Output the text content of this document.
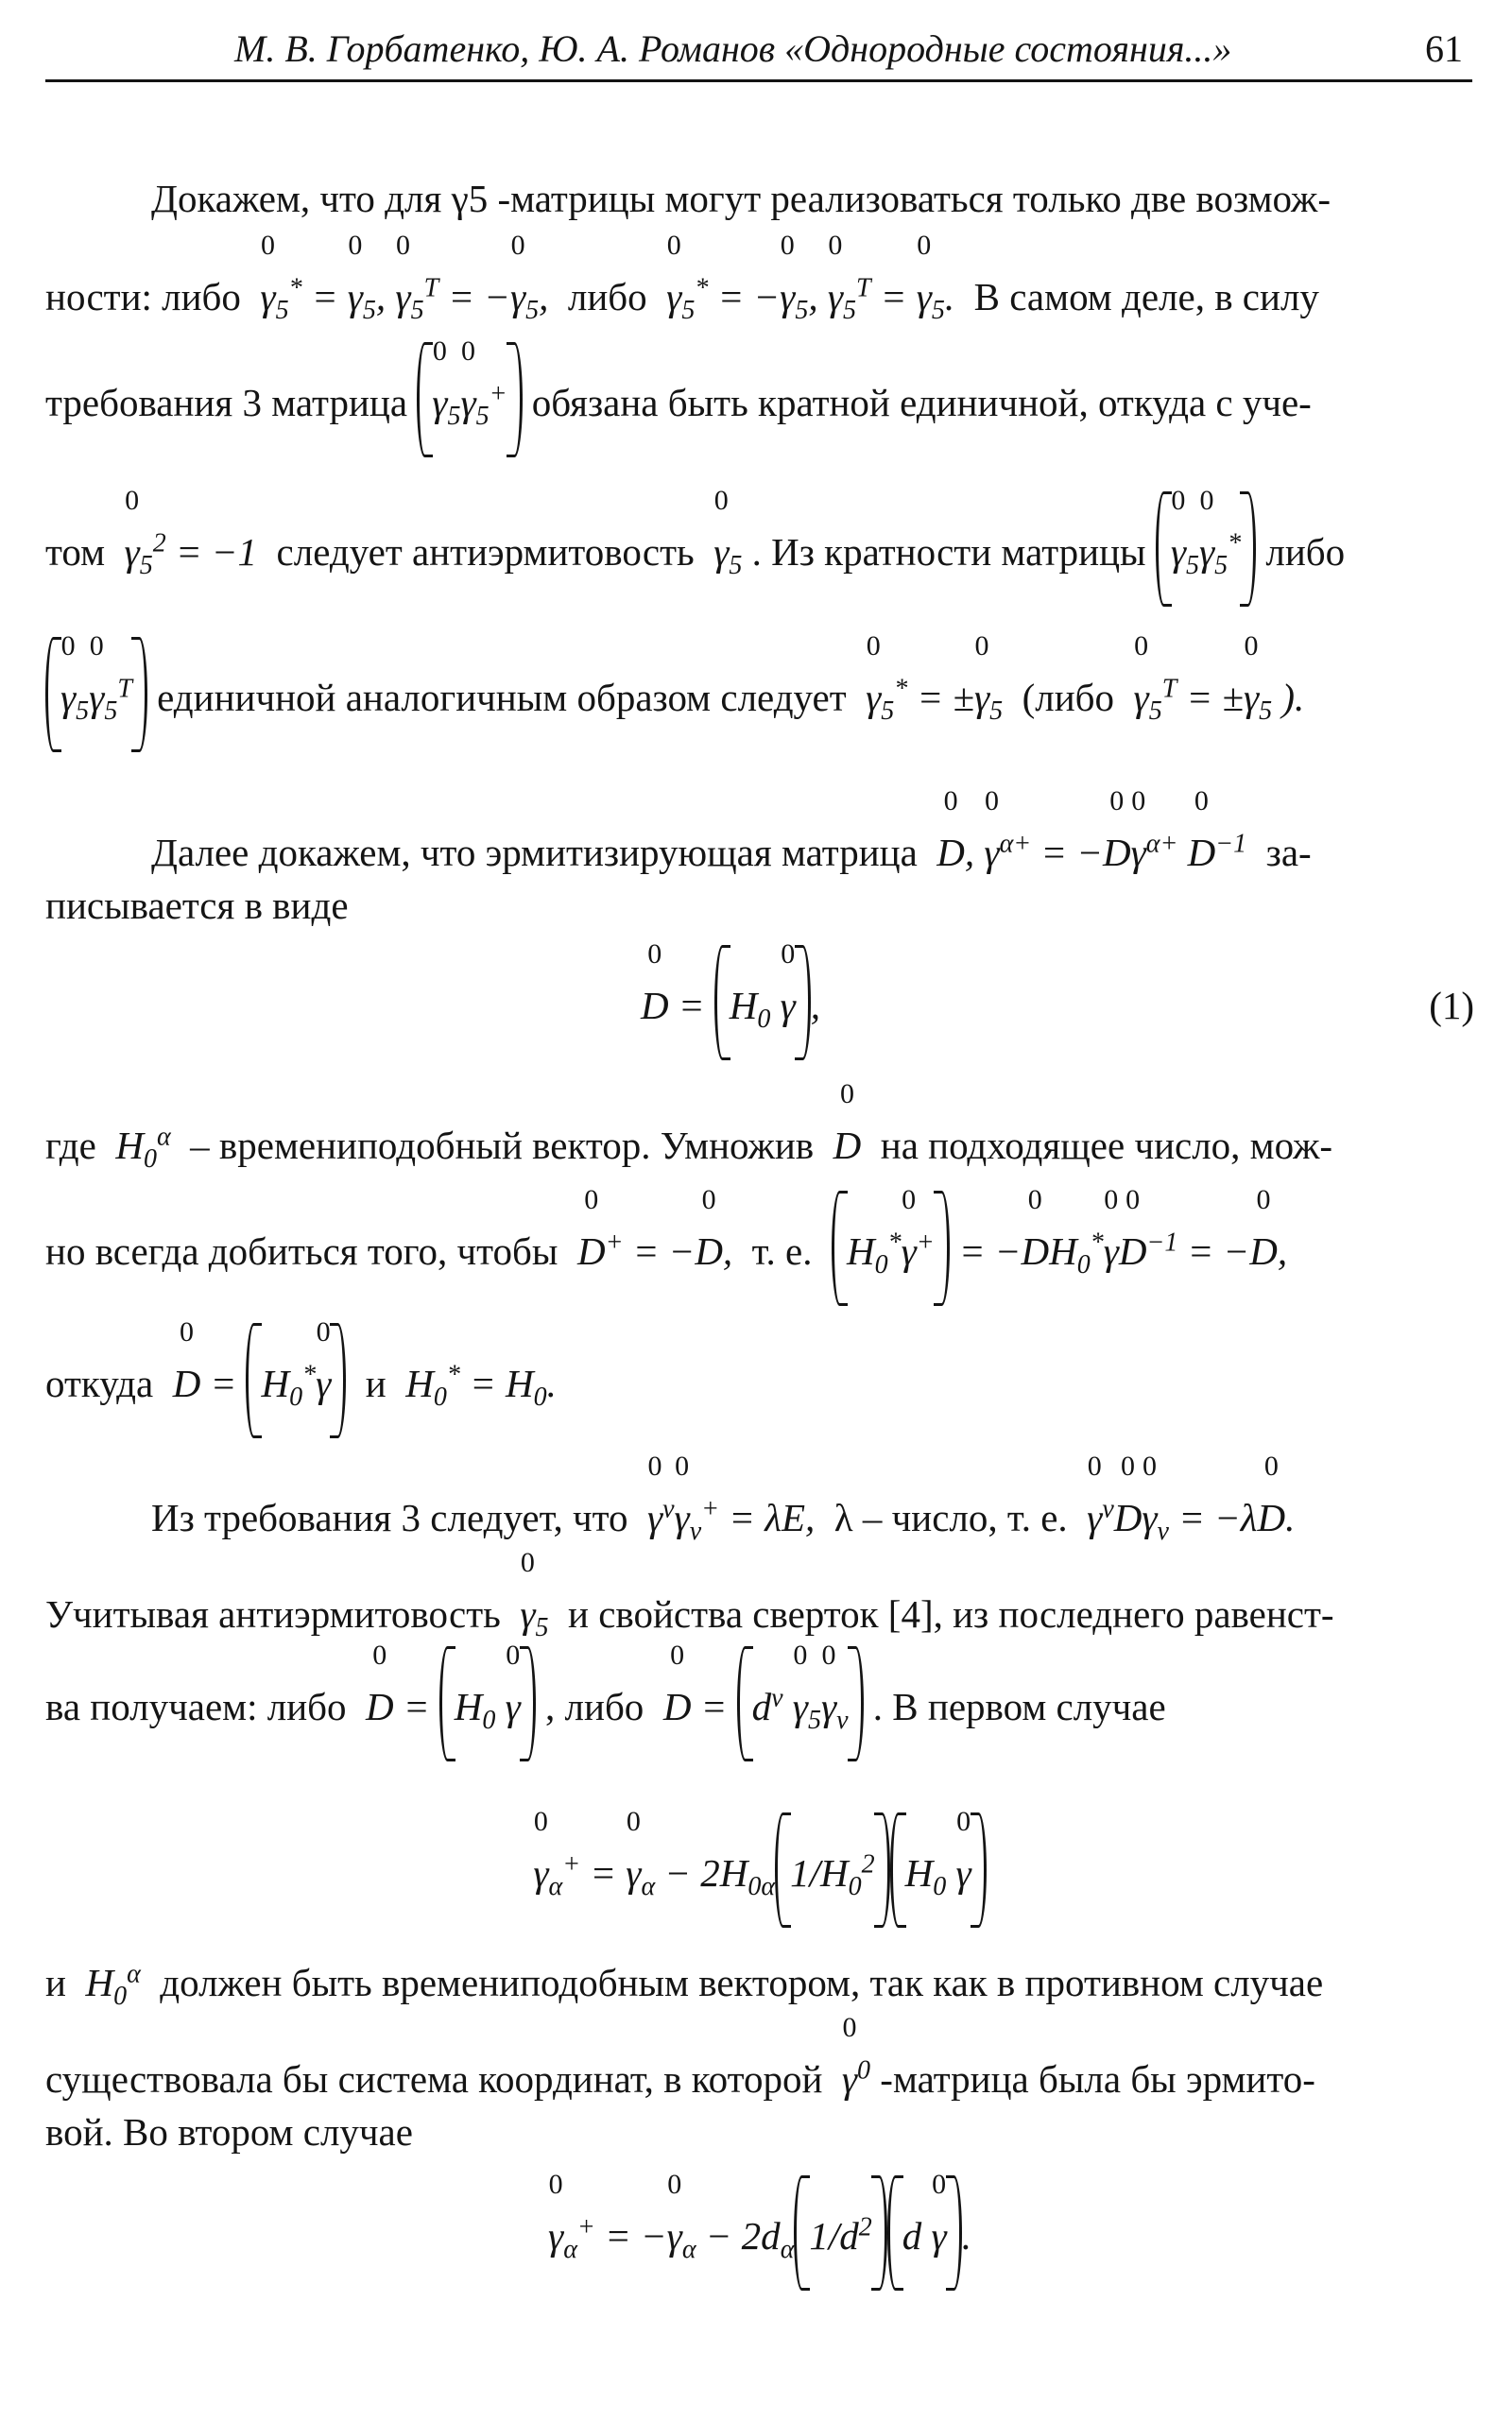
М. В. Горбатенко, Ю. А. Романов «Однородные состояния...»	61
Докажем, что для γ5 -матрицы могут реализоваться только две возмож-
ности: либо γ
0
$_5$* = γ
0
$_5$, γ
0
$_5^T$ = −γ
0
$_5$,  либо γ
0
$_5$* = −γ
0
$_5$, γ
0
$_5^T$ = γ
0
$_5$.  В самом деле, в силу
требования 3 матрица γ
0
$_5$γ
0
$_5$+ обязана быть кратной единичной, откуда с уче-
том γ
0
$_5^2$ = −1  следует антиэрмитовость γ
0
$_5$ . Из кратности матрицы γ
0
$_5$γ
0
$_5$* либо
γ
0
$_5$γ
0
$_5^T$ единичной аналогичным образом следует γ
0
$_5$* = ±γ
0
$_5$ (либо γ
0
$_5^T$ = ±γ
0
$_5$ ).
Далее докажем, что эрмитизирующая матрица D
0
, γ
0
$^{\alpha+}$ = −D
0
γ
0
$^{\alpha+}$ D
0
$^{-1}$ за-
писывается в виде
D
0
= $H_0$ γ
0
,	(1)
где  $H_0^\alpha$ – времениподобный вектор. Умножив D
0
на подходящее число, мож-
но всегда добиться того, чтобы D
0
+ = −D
0
,  т. е. $H_0^*\gamma$
0
+ = −D
0
$H_0^*\gamma$
0
D
0
$^{-1}$ = −D
0
,
откуда D
0
= $H_0^*\gamma$
0
и  $H_0^* = H_0$.
Из требования 3 следует, что γ
0
$^\nu$γ
0
$_\nu$+ = λE,  λ – число, т. е. γ
0
$^\nu$D
0
γ
0
$_\nu$ = −λD
0
.
Учитывая антиэрмитовость γ
0
$_5$ и свойства сверток [4], из последнего равенст-
ва получаем: либо D
0
= $H_0$ γ
0
, либо D
0
= $d^\nu$ γ
0
$_5$γ
0
$_\nu$ . В первом случае
γ
0
$_\alpha$+ = γ
0
$_\alpha - 2H_{0\alpha}$ $1/H_0^2$ $H_0$ γ
0
и  $H_0^\alpha$ должен быть времениподобным вектором, так как в противном случае
существовала бы система координат, в которой γ
0
$^0$ -матрица была бы эрмито-
вой. Во втором случае
γ
0
$_\alpha$+ = −γ
0
$_\alpha - 2d_\alpha$ $1/d^2$ d γ
0
.
